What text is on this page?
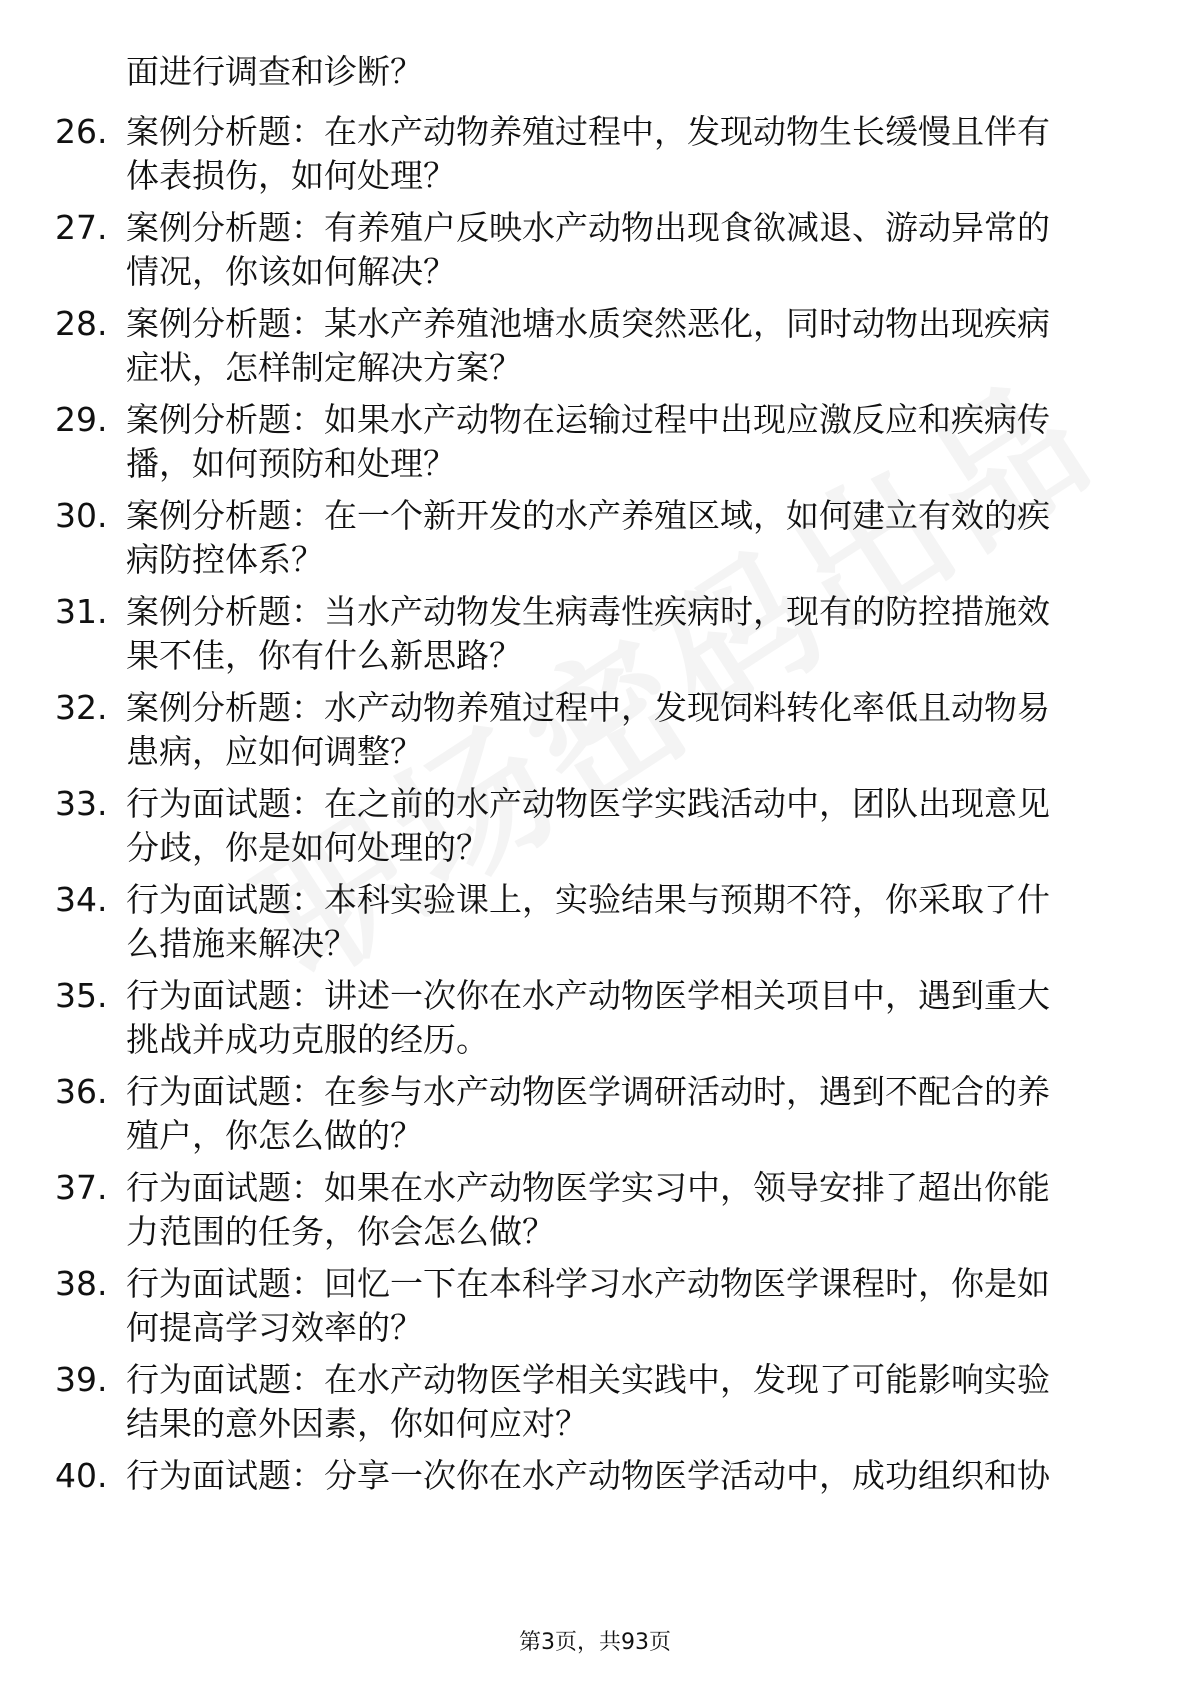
面进行调查和诊断？
26. 案例分析题：在水产动物养殖过程中，发现动物生长缓慢且伴有
体表损伤，如何处理？
27. 案例分析题：有养殖户反映水产动物出现食欲减退、游动异常的
情况，你该如何解决？
28. 案例分析题：某水产养殖池塘水质突然恶化，同时动物出现疾病
症状，怎样制定解决方案？
29. 案例分析题：如果水产动物在运输过程中出现应激反应和疾病传
播，如何预防和处理？
30. 案例分析题：在一个新开发的水产养殖区域，如何建立有效的疾
病防控体系？
31. 案例分析题：当水产动物发生病毒性疾病时，现有的防控措施效
果不佳，你有什么新思路？
32. 案例分析题：水产动物养殖过程中，发现饲料转化率低且动物易
患病，应如何调整？
33. 行为面试题：在之前的水产动物医学实践活动中，团队出现意见
分歧，你是如何处理的？
34. 行为面试题：本科实验课上，实验结果与预期不符，你采取了什
么措施来解决？
35. 行为面试题：讲述一次你在水产动物医学相关项目中，遇到重大
挑战并成功克服的经历。
36. 行为面试题：在参与水产动物医学调研活动时，遇到不配合的养
殖户，你怎么做的？
37. 行为面试题：如果在水产动物医学实习中，领导安排了超出你能
力范围的任务，你会怎么做？
38. 行为面试题：回忆一下在本科学习水产动物医学课程时，你是如
何提高学习效率的？
39. 行为面试题：在水产动物医学相关实践中，发现了可能影响实验
结果的意外因素，你如何应对？
40. 行为面试题：分享一次你在水产动物医学活动中，成功组织和协
第3页，共93页
